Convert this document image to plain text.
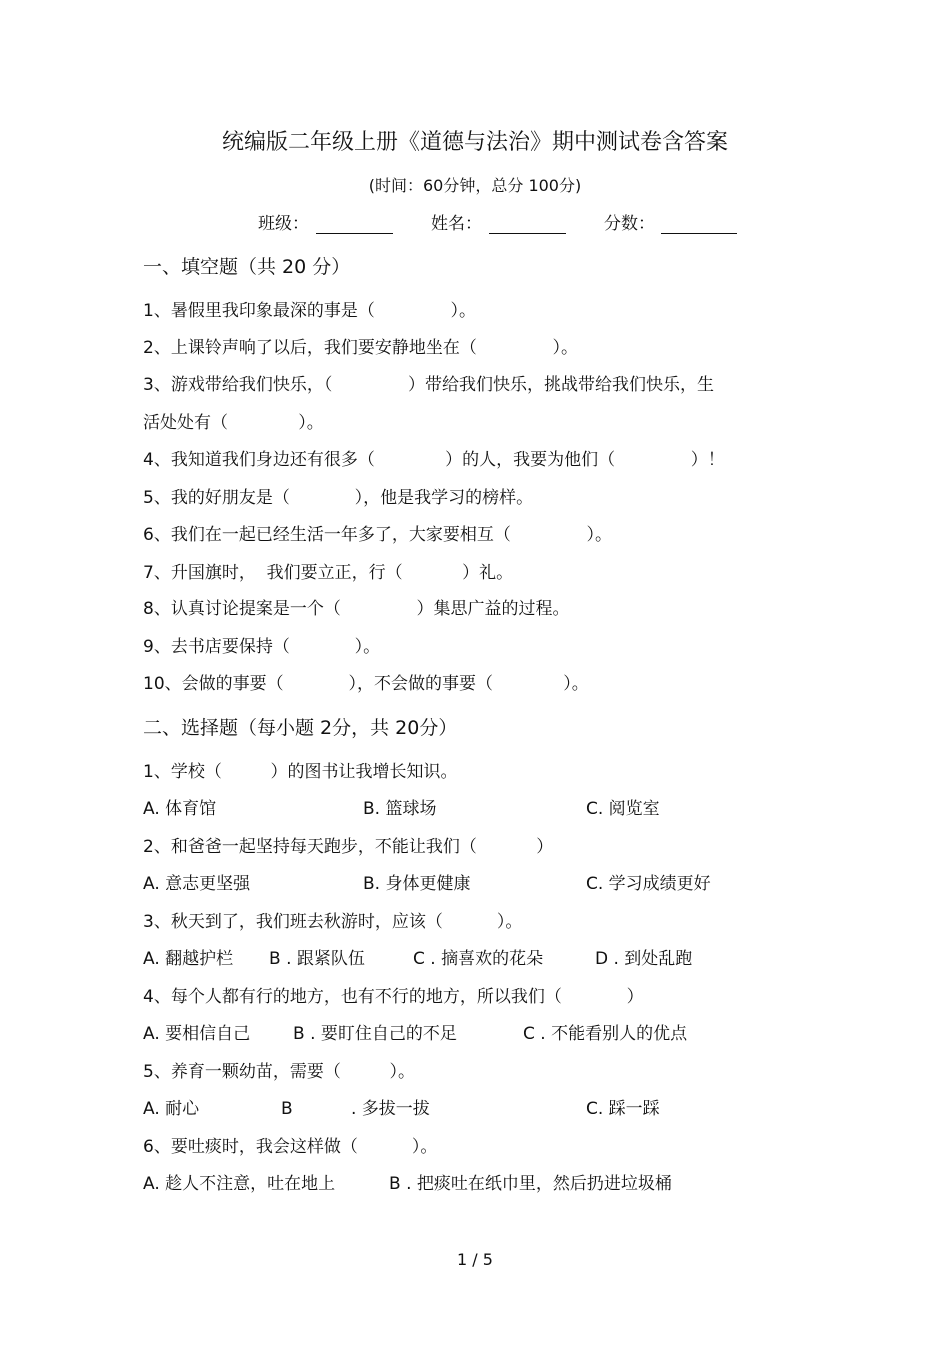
统编版二年级上册《道德与法治》期中测试卷含答案
(时间：60分钟，总分 100分)
班级：	姓名：	分数：
一、填空题（共 20 分）
1、暑假里我印象最深的事是（              ）。
2、上课铃声响了以后，我们要安静地坐在（              ）。
3、游戏带给我们快乐，（              ）带给我们快乐，挑战带给我们快乐，生
活处处有（             ）。
4、我知道我们身边还有很多（             ）的人，我要为他们（              ）！
5、我的好朋友是（            ），他是我学习的榜样。
6、我们在一起已经生活一年多了，大家要相互（              ）。
7、升国旗时，  我们要立正，行（           ）礼。
8、认真讨论提案是一个（              ）集思广益的过程。
9、去书店要保持（            ）。
10、会做的事要（            ），不会做的事要（             ）。
二、选择题（每小题 2分，共 20分）
1、学校（         ）的图书让我增长知识。
A. 体育馆	B. 篮球场	C. 阅览室
2、和爸爸一起坚持每天跑步，不能让我们（           ）
A. 意志更坚强	B. 身体更健康	C. 学习成绩更好
3、秋天到了，我们班去秋游时，应该（          ）。
A. 翻越护栏 B . 跟紧队伍	C . 摘喜欢的花朵	D . 到处乱跑
4、每个人都有行的地方，也有不行的地方，所以我们（            ）
A. 要相信自己	B . 要盯住自己的不足	C . 不能看别人的优点
5、养育一颗幼苗，需要（         ）。
A. 耐心	B	. 多拔一拔	C. 踩一踩
6、要吐痰时，我会这样做（          ）。
A. 趁人不注意，吐在地上	B . 把痰吐在纸巾里，然后扔进垃圾桶
1 / 5
